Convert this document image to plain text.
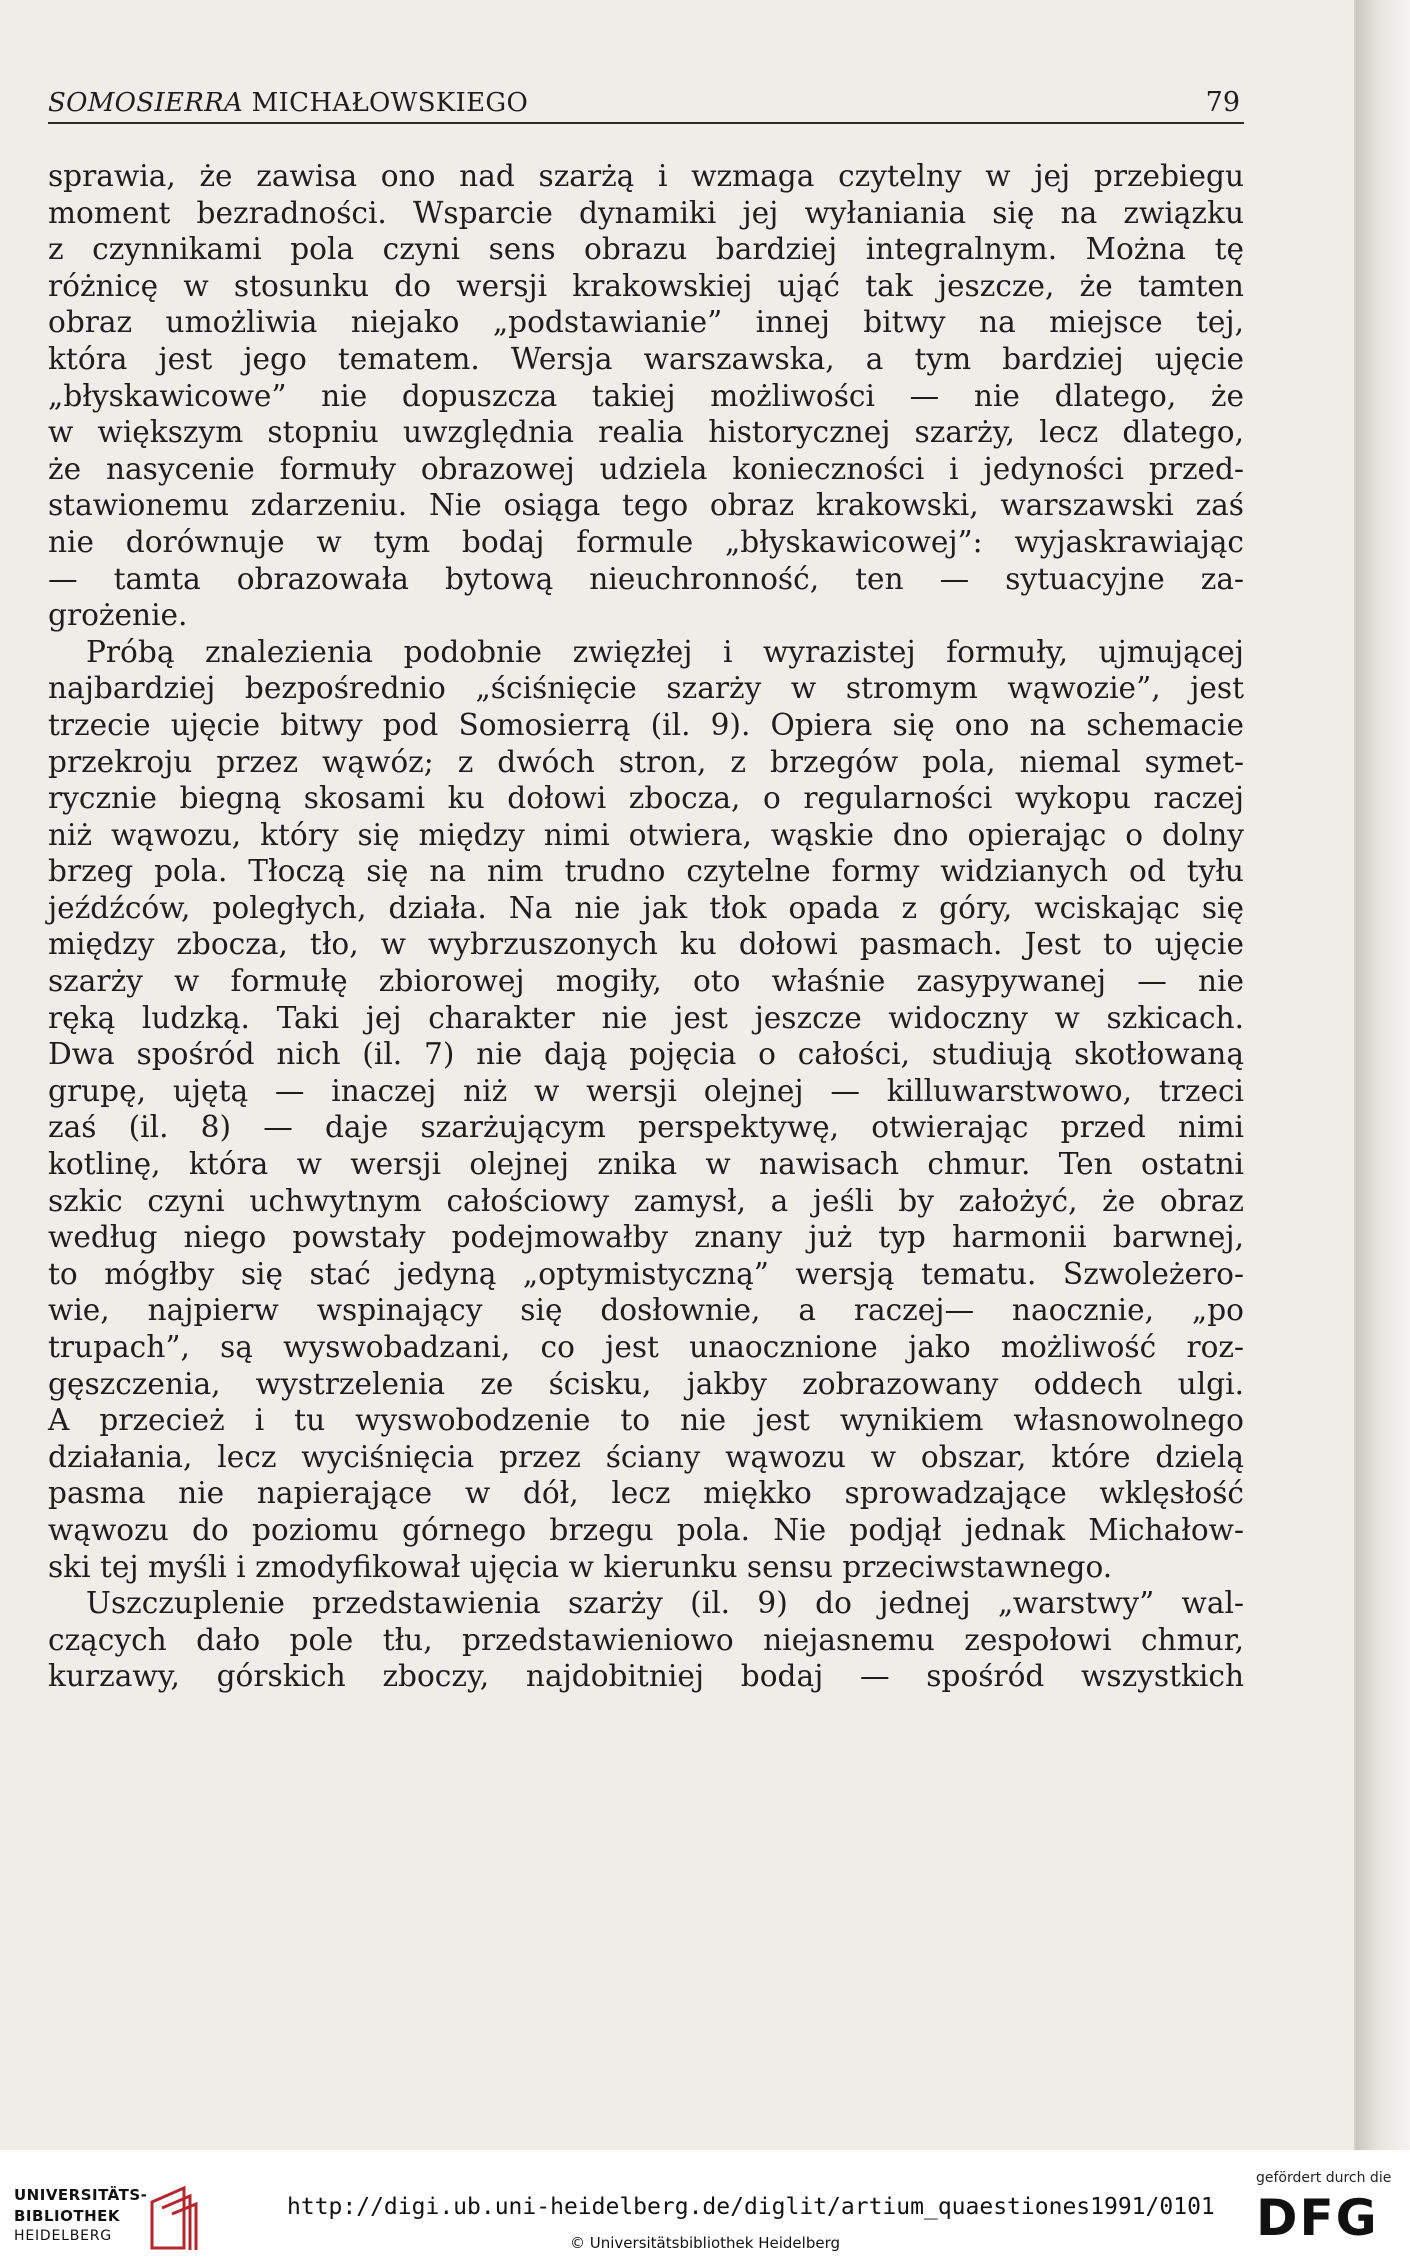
SOMOSIERRA MICHAŁOWSKIEGO	79
sprawia, że zawisa ono nad szarżą i wzmaga czytelny w jej przebiegu
moment bezradności. Wsparcie dynamiki jej wyłaniania się na związku
z czynnikami pola czyni sens obrazu bardziej integralnym. Można tę
różnicę w stosunku do wersji krakowskiej ująć tak jeszcze, że tamten
obraz umożliwia niejako „podstawianie” innej bitwy na miejsce tej,
która jest jego tematem. Wersja warszawska, a tym bardziej ujęcie
„błyskawicowe” nie dopuszcza takiej możliwości — nie dlatego, że
w większym stopniu uwzględnia realia historycznej szarży, lecz dlatego,
że nasycenie formuły obrazowej udziela konieczności i jedyności przed-
stawionemu zdarzeniu. Nie osiąga tego obraz krakowski, warszawski zaś
nie dorównuje w tym bodaj formule „błyskawicowej”: wyjaskrawiając
— tamta obrazowała bytową nieuchronność, ten — sytuacyjne za-
grożenie.
Próbą znalezienia podobnie zwięzłej i wyrazistej formuły, ujmującej
najbardziej bezpośrednio „ściśnięcie szarży w stromym wąwozie”, jest
trzecie ujęcie bitwy pod Somosierrą (il. 9). Opiera się ono na schemacie
przekroju przez wąwóz; z dwóch stron, z brzegów pola, niemal symet-
rycznie biegną skosami ku dołowi zbocza, o regularności wykopu raczej
niż wąwozu, który się między nimi otwiera, wąskie dno opierając o dolny
brzeg pola. Tłoczą się na nim trudno czytelne formy widzianych od tyłu
jeźdźców, poległych, działa. Na nie jak tłok opada z góry, wciskając się
między zbocza, tło, w wybrzuszonych ku dołowi pasmach. Jest to ujęcie
szarży w formułę zbiorowej mogiły, oto właśnie zasypywanej — nie
ręką ludzką. Taki jej charakter nie jest jeszcze widoczny w szkicach.
Dwa spośród nich (il. 7) nie dają pojęcia o całości, studiują skotłowaną
grupę, ujętą — inaczej niż w wersji olejnej — killuwarstwowo, trzeci
zaś (il. 8) — daje szarżującym perspektywę, otwierając przed nimi
kotlinę, która w wersji olejnej znika w nawisach chmur. Ten ostatni
szkic czyni uchwytnym całościowy zamysł, a jeśli by założyć, że obraz
według niego powstały podejmowałby znany już typ harmonii barwnej,
to mógłby się stać jedyną „optymistyczną” wersją tematu. Szwoleżero-
wie, najpierw wspinający się dosłownie, a raczej— naocznie, „po
trupach”, są wyswobadzani, co jest unaocznione jako możliwość roz-
gęszczenia, wystrzelenia ze ścisku, jakby zobrazowany oddech ulgi.
A przecież i tu wyswobodzenie to nie jest wynikiem własnowolnego
działania, lecz wyciśnięcia przez ściany wąwozu w obszar, które dzielą
pasma nie napierające w dół, lecz miękko sprowadzające wklęsłość
wąwozu do poziomu górnego brzegu pola. Nie podjął jednak Michałow-
ski tej myśli i zmodyfikował ujęcia w kierunku sensu przeciwstawnego.
Uszczuplenie przedstawienia szarży (il. 9) do jednej „warstwy” wal-
czących dało pole tłu, przedstawieniowo niejasnemu zespołowi chmur,
kurzawy, górskich zboczy, najdobitniej bodaj — spośród wszystkich
UNIVERSITÄTS-
BIBLIOTHEK
HEIDELBERG
http://digi.ub.uni-heidelberg.de/diglit/artium_quaestiones1991/0101
© Universitätsbibliothek Heidelberg
gefördert durch die
DFG
